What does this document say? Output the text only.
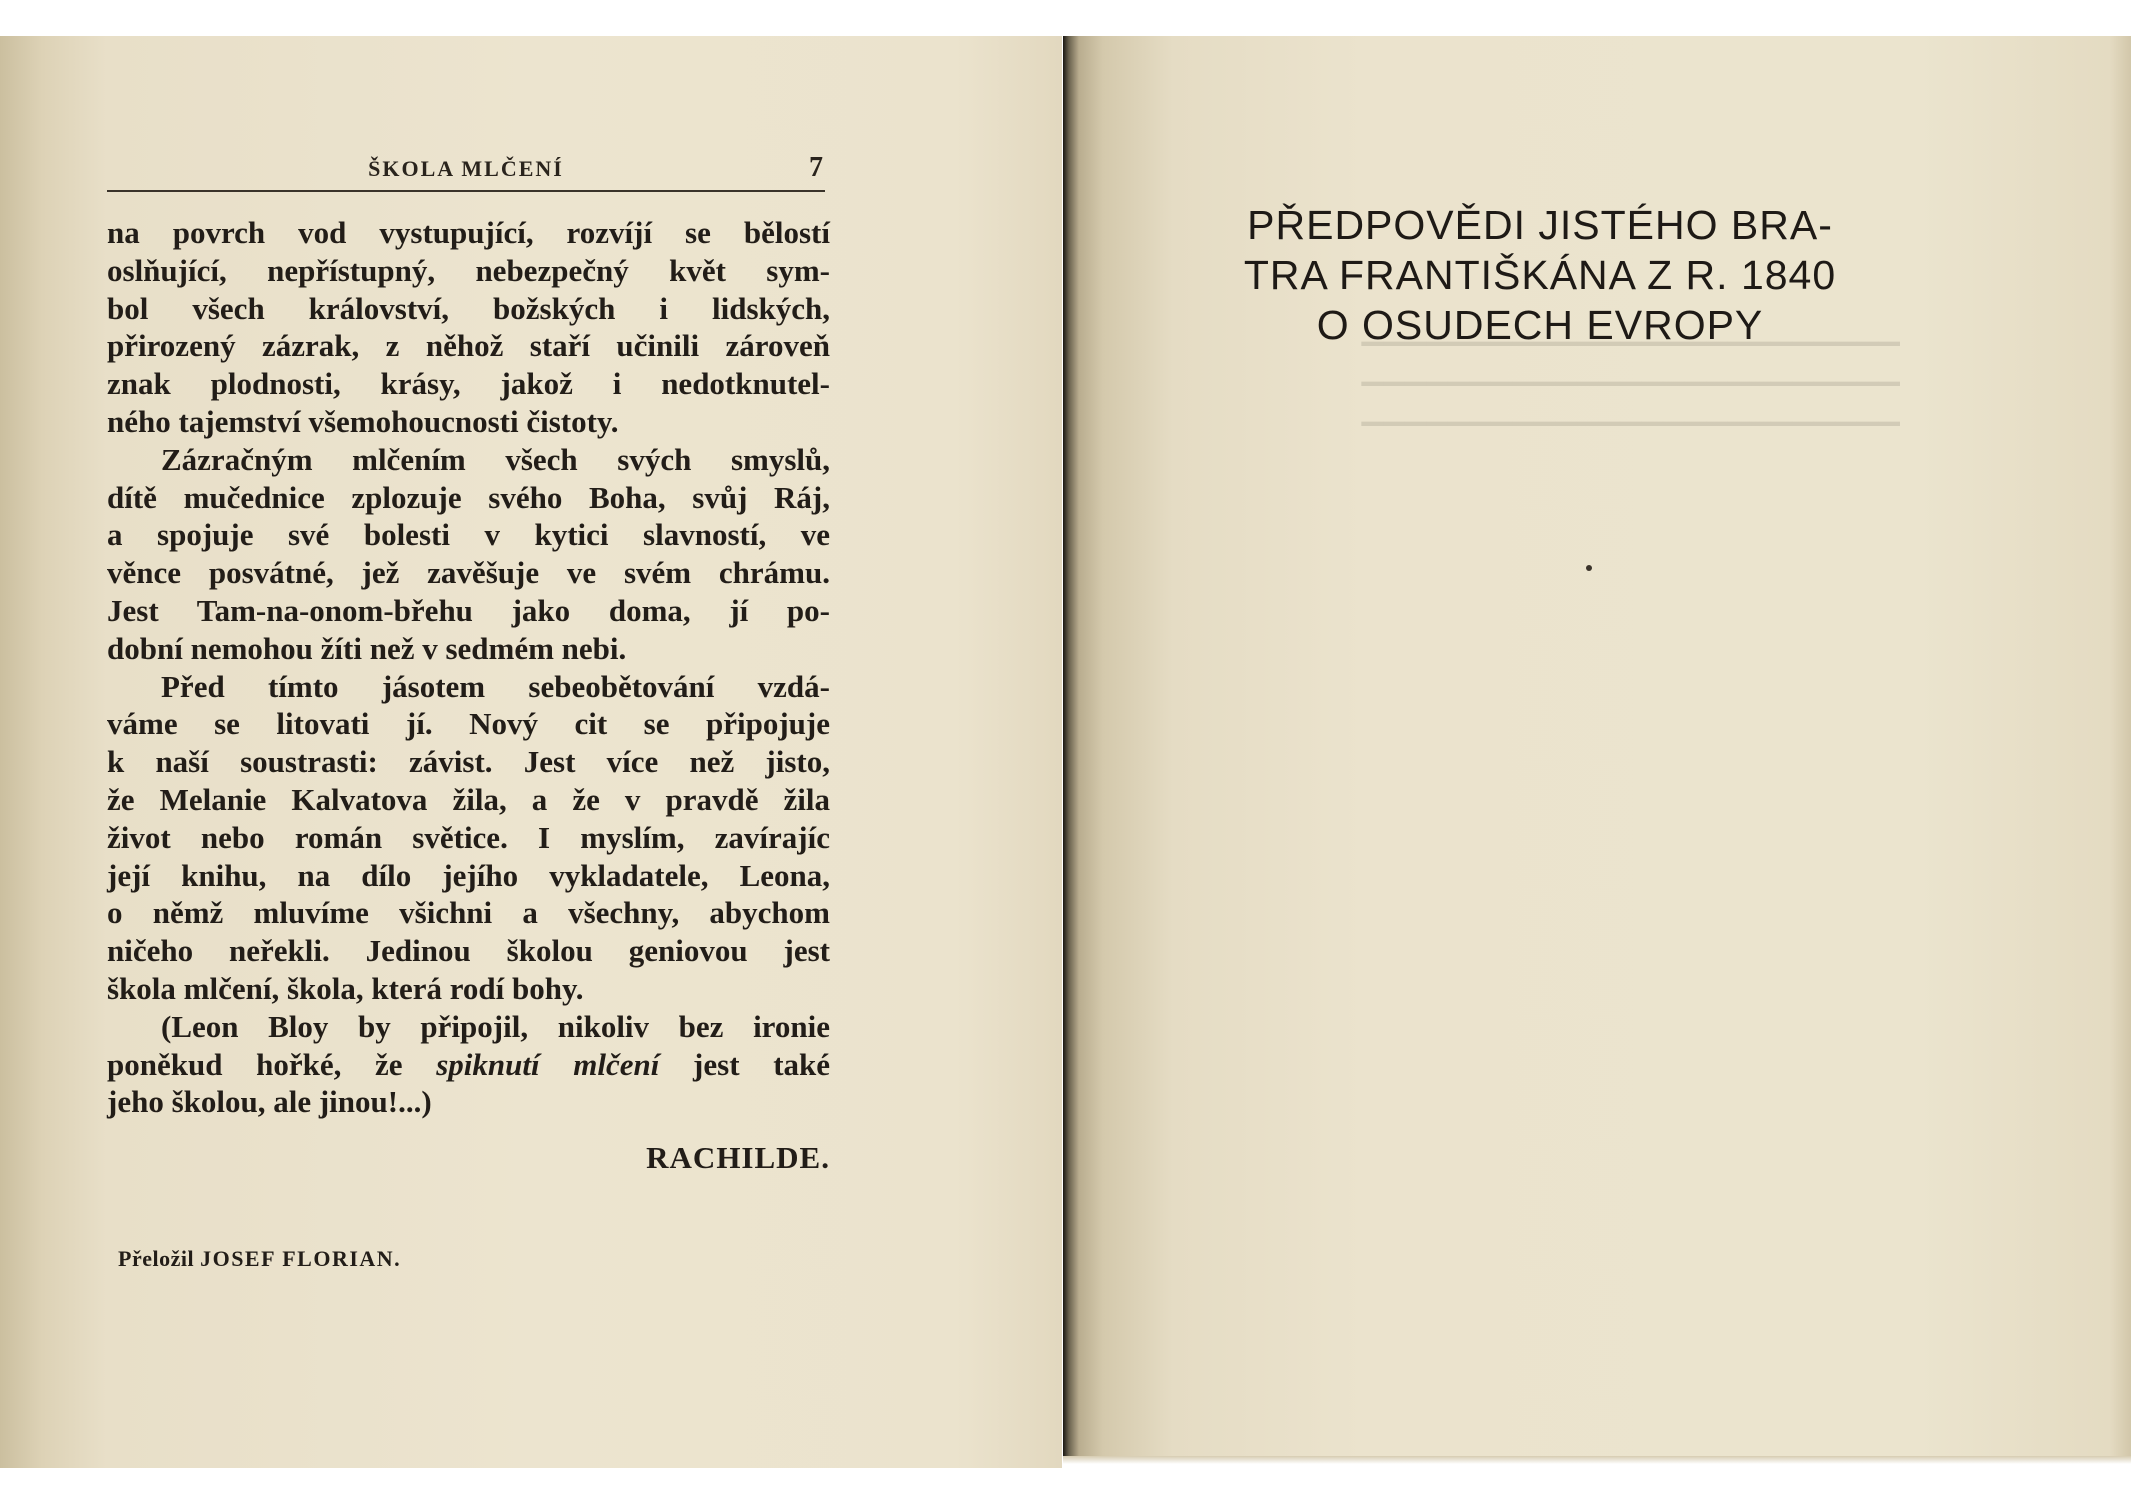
ŠKOLA MLČENÍ	7
na povrch vod vystupující, rozvíjí se bělostí
oslňující, nepřístupný, nebezpečný květ sym‐
bol všech království, božských i lidských,
přirozený zázrak, z něhož staří učinili zároveň
znak plodnosti, krásy, jakož i nedotknutel‐
ného tajemství všemohoucnosti čistoty.
Zázračným mlčením všech svých smyslů,
dítě mučednice zplozuje svého Boha, svůj Ráj,
a spojuje své bolesti v kytici slavností, ve
věnce posvátné, jež zavěšuje ve svém chrámu.
Jest Tam‐na‐onom‐břehu jako doma, jí po‐
dobní nemohou žíti než v sedmém nebi.
Před tímto jásotem sebeobětování vzdá‐
váme se litovati jí. Nový cit se připojuje
k naší soustrasti: závist. Jest více než jisto,
že Melanie Kalvatova žila, a že v pravdě žila
život nebo román světice. I myslím, zavírajíc
její knihu, na dílo jejího vykladatele, Leona,
o němž mluvíme všichni a všechny, abychom
ničeho neřekli. Jedinou školou geniovou jest
škola mlčení, škola, která rodí bohy.
(Leon Bloy by připojil, nikoliv bez ironie
poněkud hořké, že spiknutí mlčení jest také
jeho školou, ale jinou!...)
RACHILDE.
Přeložil JOSEF FLORIAN.
▔▔▔▔▔▔▔▔▔▔▔▔▔▔▔▔▔▔▔▔▔▔▔▔▔
▔▔▔▔▔▔▔▔▔▔▔▔▔▔▔▔▔▔▔▔▔▔▔▔▔
▔▔▔▔▔▔▔▔▔▔▔▔▔▔▔▔▔▔▔▔▔▔▔▔▔
PŘEDPOVĚDI JISTÉHO BRA‐
TRA FRANTIŠKÁNA Z R. 1840
O OSUDECH EVROPY
